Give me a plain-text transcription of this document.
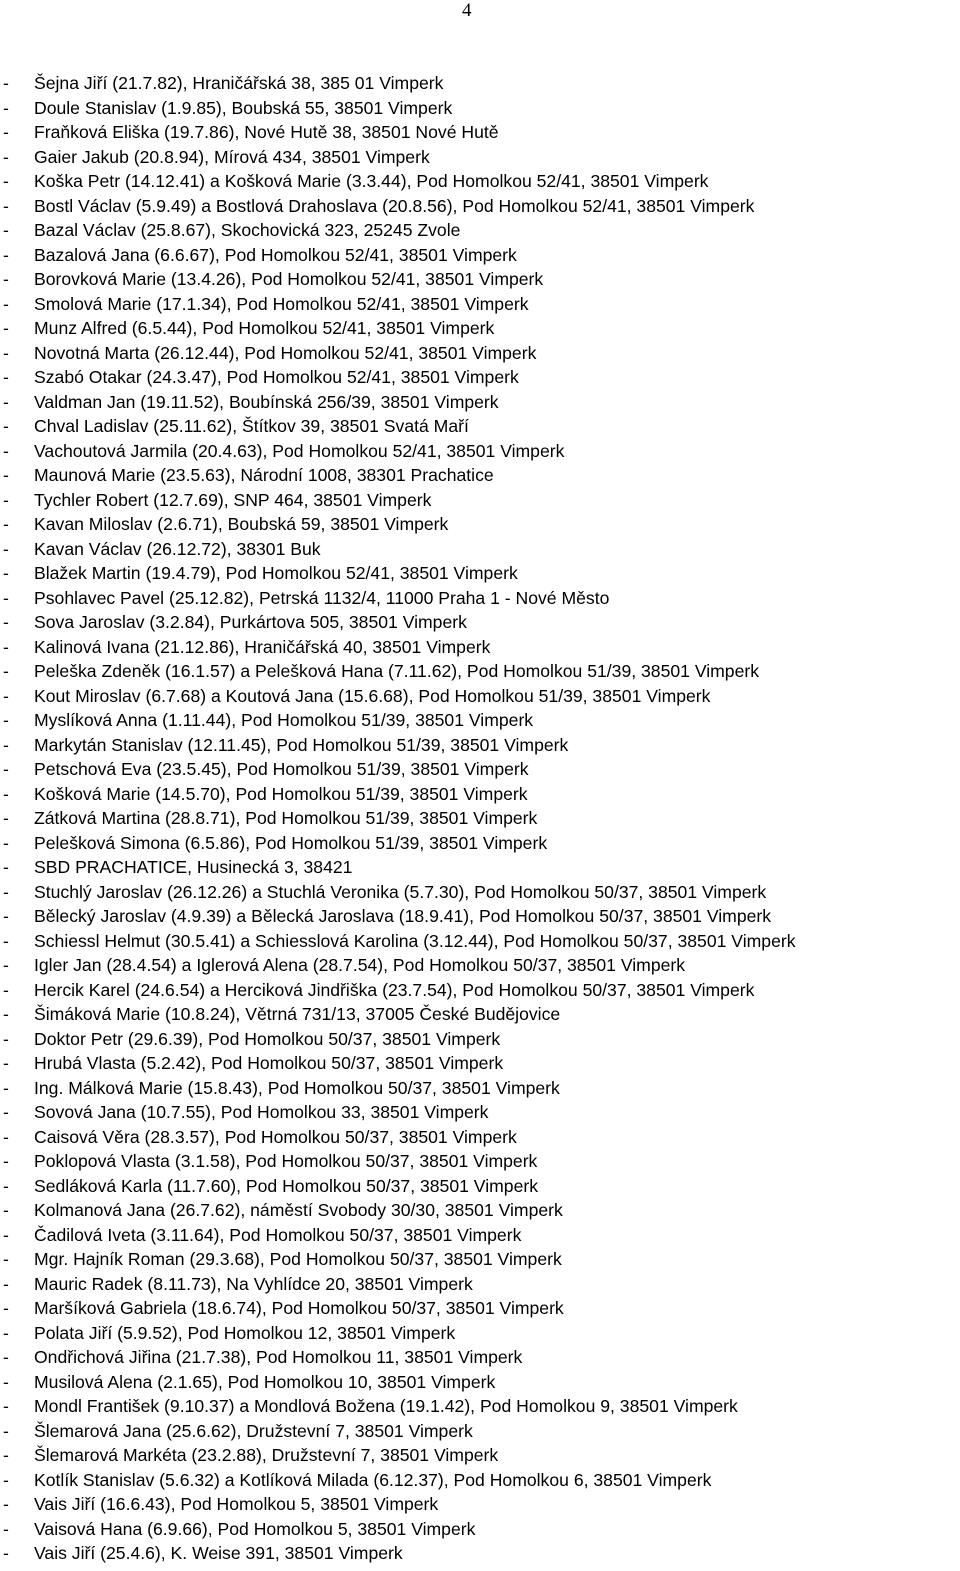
4
-	Šejna Jiří (21.7.82), Hraničářská 38, 385 01 Vimperk
-	Doule Stanislav (1.9.85), Boubská 55, 38501 Vimperk
-	Fraňková Eliška (19.7.86), Nové Hutě 38, 38501 Nové Hutě
-	Gaier Jakub (20.8.94), Mírová 434, 38501 Vimperk
-	Koška Petr (14.12.41) a Košková Marie (3.3.44), Pod Homolkou 52/41, 38501 Vimperk
-	Bostl Václav (5.9.49) a Bostlová Drahoslava (20.8.56), Pod Homolkou 52/41, 38501 Vimperk
-	Bazal Václav (25.8.67), Skochovická 323, 25245 Zvole
-	Bazalová Jana (6.6.67), Pod Homolkou 52/41, 38501 Vimperk
-	Borovková Marie (13.4.26), Pod Homolkou 52/41, 38501 Vimperk
-	Smolová Marie (17.1.34), Pod Homolkou 52/41, 38501 Vimperk
-	Munz Alfred (6.5.44), Pod Homolkou 52/41, 38501 Vimperk
-	Novotná Marta (26.12.44), Pod Homolkou 52/41, 38501 Vimperk
-	Szabó Otakar (24.3.47), Pod Homolkou 52/41, 38501 Vimperk
-	Valdman Jan (19.11.52), Boubínská 256/39, 38501 Vimperk
-	Chval Ladislav (25.11.62), Štítkov 39, 38501 Svatá Maří
-	Vachoutová Jarmila (20.4.63), Pod Homolkou 52/41, 38501 Vimperk
-	Maunová Marie (23.5.63), Národní 1008, 38301 Prachatice
-	Tychler Robert (12.7.69), SNP 464, 38501 Vimperk
-	Kavan Miloslav (2.6.71), Boubská 59, 38501 Vimperk
-	Kavan Václav (26.12.72), 38301 Buk
-	Blažek Martin (19.4.79), Pod Homolkou 52/41, 38501 Vimperk
-	Psohlavec Pavel (25.12.82), Petrská 1132/4, 11000 Praha 1 - Nové Město
-	Sova Jaroslav (3.2.84), Purkártova 505, 38501 Vimperk
-	Kalinová Ivana (21.12.86), Hraničářská 40, 38501 Vimperk
-	Peleška Zdeněk (16.1.57) a Pelešková Hana (7.11.62), Pod Homolkou 51/39, 38501 Vimperk
-	Kout Miroslav (6.7.68) a Koutová Jana (15.6.68), Pod Homolkou 51/39, 38501 Vimperk
-	Myslíková Anna (1.11.44), Pod Homolkou 51/39, 38501 Vimperk
-	Markytán Stanislav (12.11.45), Pod Homolkou 51/39, 38501 Vimperk
-	Petschová Eva (23.5.45), Pod Homolkou 51/39, 38501 Vimperk
-	Košková Marie (14.5.70), Pod Homolkou 51/39, 38501 Vimperk
-	Zátková Martina (28.8.71), Pod Homolkou 51/39, 38501 Vimperk
-	Pelešková Simona (6.5.86), Pod Homolkou 51/39, 38501 Vimperk
-	SBD PRACHATICE, Husinecká 3, 38421
-	Stuchlý Jaroslav (26.12.26) a Stuchlá Veronika (5.7.30), Pod Homolkou 50/37, 38501 Vimperk
-	Bělecký Jaroslav (4.9.39) a Bělecká Jaroslava (18.9.41), Pod Homolkou 50/37, 38501 Vimperk
-	Schiessl Helmut (30.5.41) a Schiesslová Karolina (3.12.44), Pod Homolkou 50/37, 38501 Vimperk
-	Igler Jan (28.4.54) a Iglerová Alena (28.7.54), Pod Homolkou 50/37, 38501 Vimperk
-	Hercik Karel (24.6.54) a Herciková Jindřiška (23.7.54), Pod Homolkou 50/37, 38501 Vimperk
-	Šimáková Marie (10.8.24), Větrná 731/13, 37005 České Budějovice
-	Doktor Petr (29.6.39), Pod Homolkou 50/37, 38501 Vimperk
-	Hrubá Vlasta (5.2.42), Pod Homolkou 50/37, 38501 Vimperk
-	Ing. Málková Marie (15.8.43), Pod Homolkou 50/37, 38501 Vimperk
-	Sovová Jana (10.7.55), Pod Homolkou 33, 38501 Vimperk
-	Caisová Věra (28.3.57), Pod Homolkou 50/37, 38501 Vimperk
-	Poklopová Vlasta (3.1.58), Pod Homolkou 50/37, 38501 Vimperk
-	Sedláková Karla (11.7.60), Pod Homolkou 50/37, 38501 Vimperk
-	Kolmanová Jana (26.7.62), náměstí Svobody 30/30, 38501 Vimperk
-	Čadilová Iveta (3.11.64), Pod Homolkou 50/37, 38501 Vimperk
-	Mgr. Hajník Roman (29.3.68), Pod Homolkou 50/37, 38501 Vimperk
-	Mauric Radek (8.11.73), Na Vyhlídce 20, 38501 Vimperk
-	Maršíková Gabriela (18.6.74), Pod Homolkou 50/37, 38501 Vimperk
-	Polata Jiří (5.9.52), Pod Homolkou 12, 38501 Vimperk
-	Ondřichová Jiřina (21.7.38), Pod Homolkou 11, 38501 Vimperk
-	Musilová Alena (2.1.65), Pod Homolkou 10, 38501 Vimperk
-	Mondl František (9.10.37) a Mondlová Božena (19.1.42), Pod Homolkou 9, 38501 Vimperk
-	Šlemarová Jana (25.6.62), Družstevní 7, 38501 Vimperk
-	Šlemarová Markéta (23.2.88), Družstevní 7, 38501 Vimperk
-	Kotlík Stanislav (5.6.32) a Kotlíková Milada (6.12.37), Pod Homolkou 6, 38501 Vimperk
-	Vais Jiří (16.6.43), Pod Homolkou 5, 38501 Vimperk
-	Vaisová Hana (6.9.66), Pod Homolkou 5, 38501 Vimperk
-	Vais Jiří (25.4.6), K. Weise 391, 38501 Vimperk
